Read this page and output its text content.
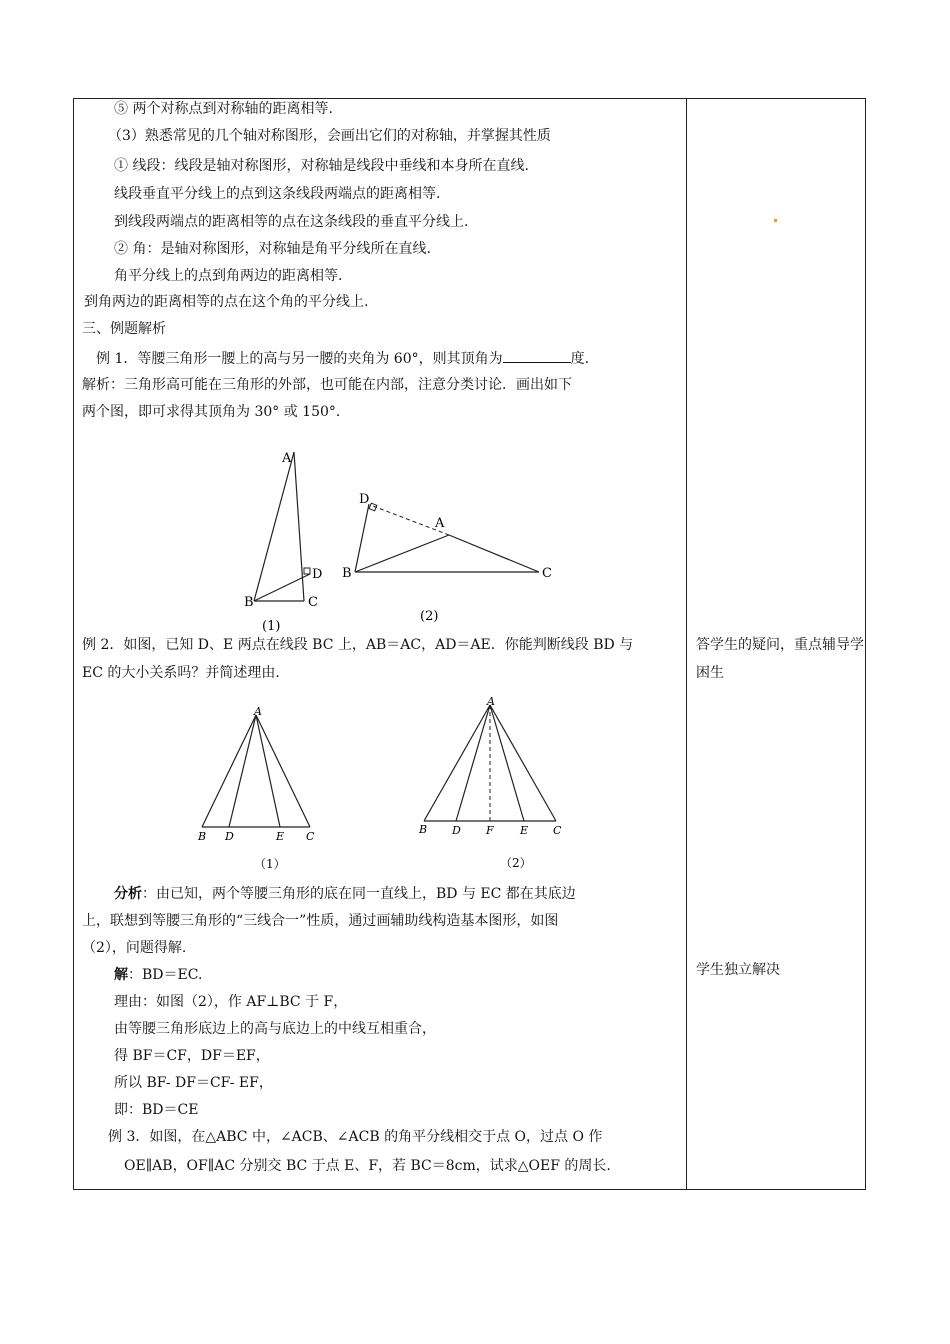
⑤ 两个对称点到对称轴的距离相等.
（3）熟悉常见的几个轴对称图形，会画出它们的对称轴，并掌握其性质
① 线段：线段是轴对称图形，对称轴是线段中垂线和本身所在直线.
线段垂直平分线上的点到这条线段两端点的距离相等.
到线段两端点的距离相等的点在这条线段的垂直平分线上.
② 角：是轴对称图形，对称轴是角平分线所在直线.
角平分线上的点到角两边的距离相等.
到角两边的距离相等的点在这个角的平分线上.
三、例题解析
例 1．等腰三角形一腰上的高与另一腰的夹角为 60°，则其顶角为	度.
解析：三角形高可能在三角形的外部，也可能在内部，注意分类讨论．画出如下
两个图，即可求得其顶角为 30° 或 150°．
A
B	C
D
(1)
A
B	C
D
(2)
例 2．如图，已知 D、E 两点在线段 BC 上，AB＝AC，AD＝AE．你能判断线段 BD 与
EC 的大小关系吗？并简述理由.
A
B D	E C
（1）
A
B D F E C
（2）
分析：由已知，两个等腰三角形的底在同一直线上，BD 与 EC 都在其底边
上，联想到等腰三角形的“三线合一”性质，通过画辅助线构造基本图形，如图
（2），问题得解.
解：BD＝EC.
理由：如图（2），作 AF⊥BC 于 F，
由等腰三角形底边上的高与底边上的中线互相重合，
得 BF＝CF，DF＝EF，
所以 BF- DF＝CF- EF，
即：BD＝CE
例 3．如图，在△ABC 中，∠ACB、∠ACB 的角平分线相交于点 O，过点 O 作
OE∥AB，OF∥AC 分别交 BC 于点 E、F，若 BC＝8cm，试求△OEF 的周长.
答学生的疑问，重点辅导学困生
学生独立解决
